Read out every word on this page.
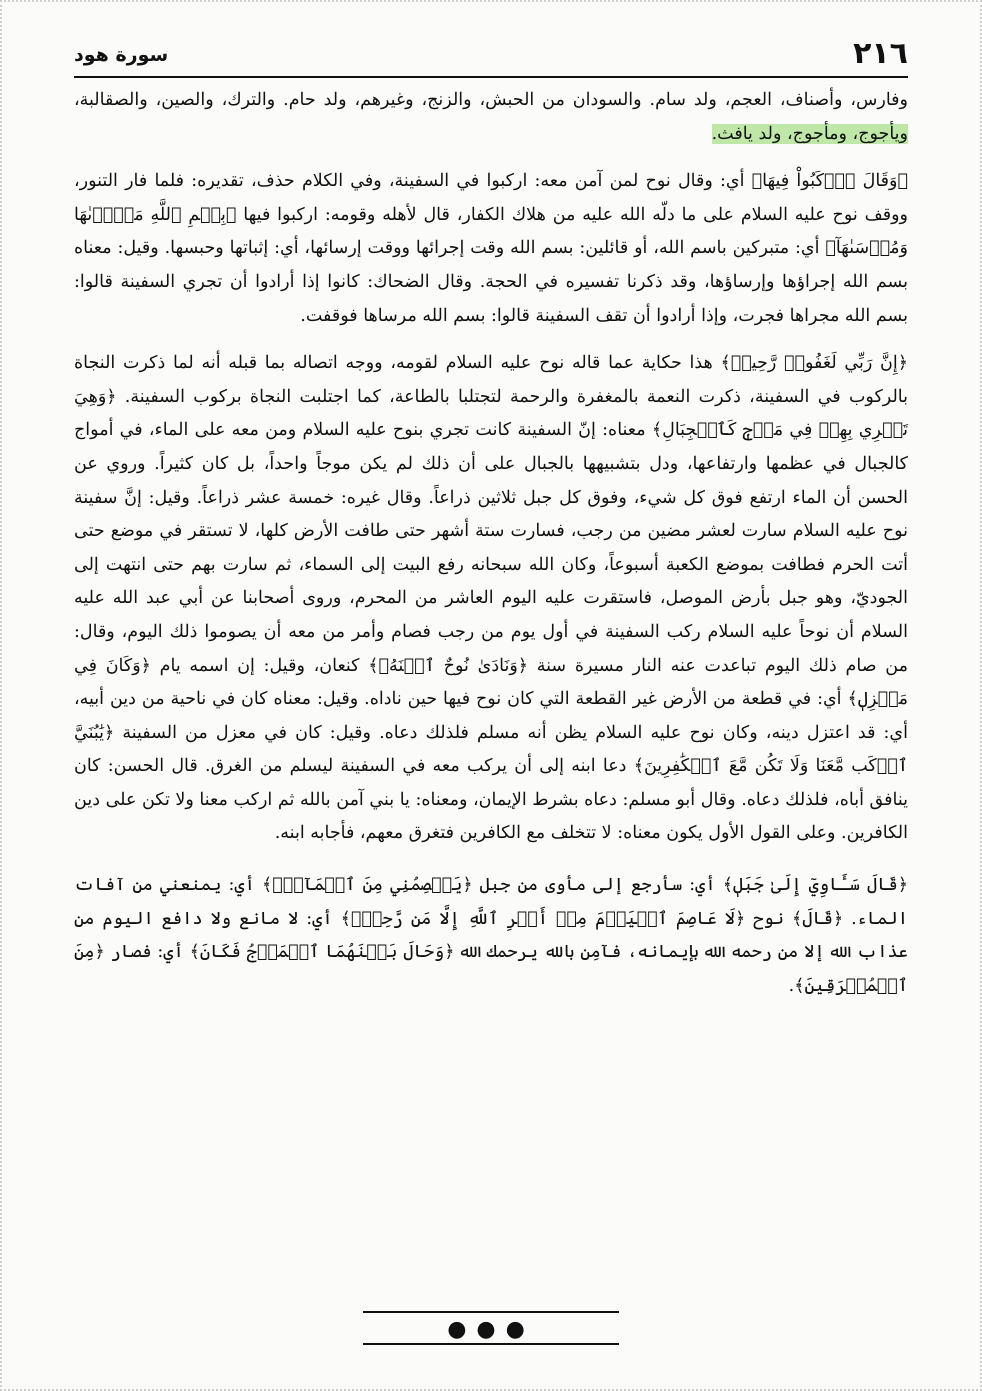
٢١٦
سورة هود

وفارس، وأصناف، العجم، ولد سام. والسودان من الحبش، والزنج، وغيرهم، ولد حام. والترك، والصين، والصقالبة، ويأجوج، ومأجوج، ولد يافث.

﴿وَقَالَ ٱرۡكَبُواْ فِيهَا﴾ أي: وقال نوح لمن آمن معه: اركبوا في السفينة، وفي الكلام حذف، تقديره: فلما فار التنور، ووقف نوح عليه السلام على ما دلّه الله عليه من هلاك الكفار، قال لأهله وقومه: اركبوا فيها ﴿بِسۡمِ ٱللَّهِ مَجۡرٜىٰهَا وَمُرۡسَىٰهَآ﴾ أي: متبركين باسم الله، أو قائلين: بسم الله وقت إجرائها ووقت إرسائها، أي: إثباتها وحبسها. وقيل: معناه بسم الله إجراؤها وإرساؤها، وقد ذكرنا تفسيره في الحجة. وقال الضحاك: كانوا إذا أرادوا أن تجري السفينة قالوا: بسم الله مجراها فجرت، وإذا أرادوا أن تقف السفينة قالوا: بسم الله مرساها فوقفت.

﴿إِنَّ رَبِّي لَغَفُورٞ رَّحِيمٞ﴾ هذا حكاية عما قاله نوح عليه السلام لقومه، ووجه اتصاله بما قبله أنه لما ذكرت النجاة بالركوب في السفينة، ذكرت النعمة بالمغفرة والرحمة لتجتلبا بالطاعة، كما اجتلبت النجاة بركوب السفينة. ﴿وَهِيَ تَجۡرِي بِهِمۡ فِي مَوۡجٖ كَٱلۡجِبَالِ﴾ معناه: إنّ السفينة كانت تجري بنوح عليه السلام ومن معه على الماء، في أمواج كالجبال في عظمها وارتفاعها، ودل بتشبيهها بالجبال على أن ذلك لم يكن موجاً واحداً، بل كان كثيراً. وروي عن الحسن أن الماء ارتفع فوق كل شيء، وفوق كل جبل ثلاثين ذراعاً. وقال غيره: خمسة عشر ذراعاً. وقيل: إنَّ سفينة نوح عليه السلام سارت لعشر مضين من رجب، فسارت ستة أشهر حتى طافت الأرض كلها، لا تستقر في موضع حتى أتت الحرم فطافت بموضع الكعبة أسبوعاً، وكان الله سبحانه رفع البيت إلى السماء، ثم سارت بهم حتى انتهت إلى الجوديّ، وهو جبل بأرض الموصل، فاستقرت عليه اليوم العاشر من المحرم، وروى أصحابنا عن أبي عبد الله عليه السلام أن نوحاً عليه السلام ركب السفينة في أول يوم من رجب فصام وأمر من معه أن يصوموا ذلك اليوم، وقال: من صام ذلك اليوم تباعدت عنه النار مسيرة سنة ﴿وَنَادَىٰ نُوحٌ ٱبۡنَهُۥ﴾ كنعان، وقيل: إن اسمه يام ﴿وَكَانَ فِي مَعۡزِلٖ﴾ أي: في قطعة من الأرض غير القطعة التي كان نوح فيها حين ناداه. وقيل: معناه كان في ناحية من دين أبيه، أي: قد اعتزل دينه، وكان نوح عليه السلام يظن أنه مسلم فلذلك دعاه. وقيل: كان في معزل من السفينة ﴿يَٰبُنَيَّ ٱرۡكَب مَّعَنَا وَلَا تَكُن مَّعَ ٱلۡكَٰفِرِينَ﴾ دعا ابنه إلى أن يركب معه في السفينة ليسلم من الغرق. قال الحسن: كان ينافق أباه، فلذلك دعاه. وقال أبو مسلم: دعاه بشرط الإيمان، ومعناه: يا بني آمن بالله ثم اركب معنا ولا تكن على دين الكافرين. وعلى القول الأول يكون معناه: لا تتخلف مع الكافرين فتغرق معهم، فأجابه ابنه.

﴿قَالَ سَـَٔاوِيٓ إِلَىٰ جَبَلٖ﴾ أي: سأرجع إلى مأوى من جبل ﴿يَعۡصِمُنِي مِنَ ٱلۡمَآءِۚ﴾ أي: يمنعني من آفات الماء. ﴿قَالَ﴾ نوح ﴿لَا عَاصِمَ ٱلۡيَوۡمَ مِنۡ أَمۡرِ ٱللَّهِ إِلَّا مَن رَّحِمَۚ﴾ أي: لا مانع ولا دافع اليوم من عذاب الله إلا من رحمه الله بإيمانه، فآمِن بالله يرحمك الله ﴿وَحَالَ بَيۡنَهُمَا ٱلۡمَوۡجُ فَكَانَ﴾ أي: فصار ﴿مِنَ ٱلۡمُغۡرَقِينَ﴾.

●●●
